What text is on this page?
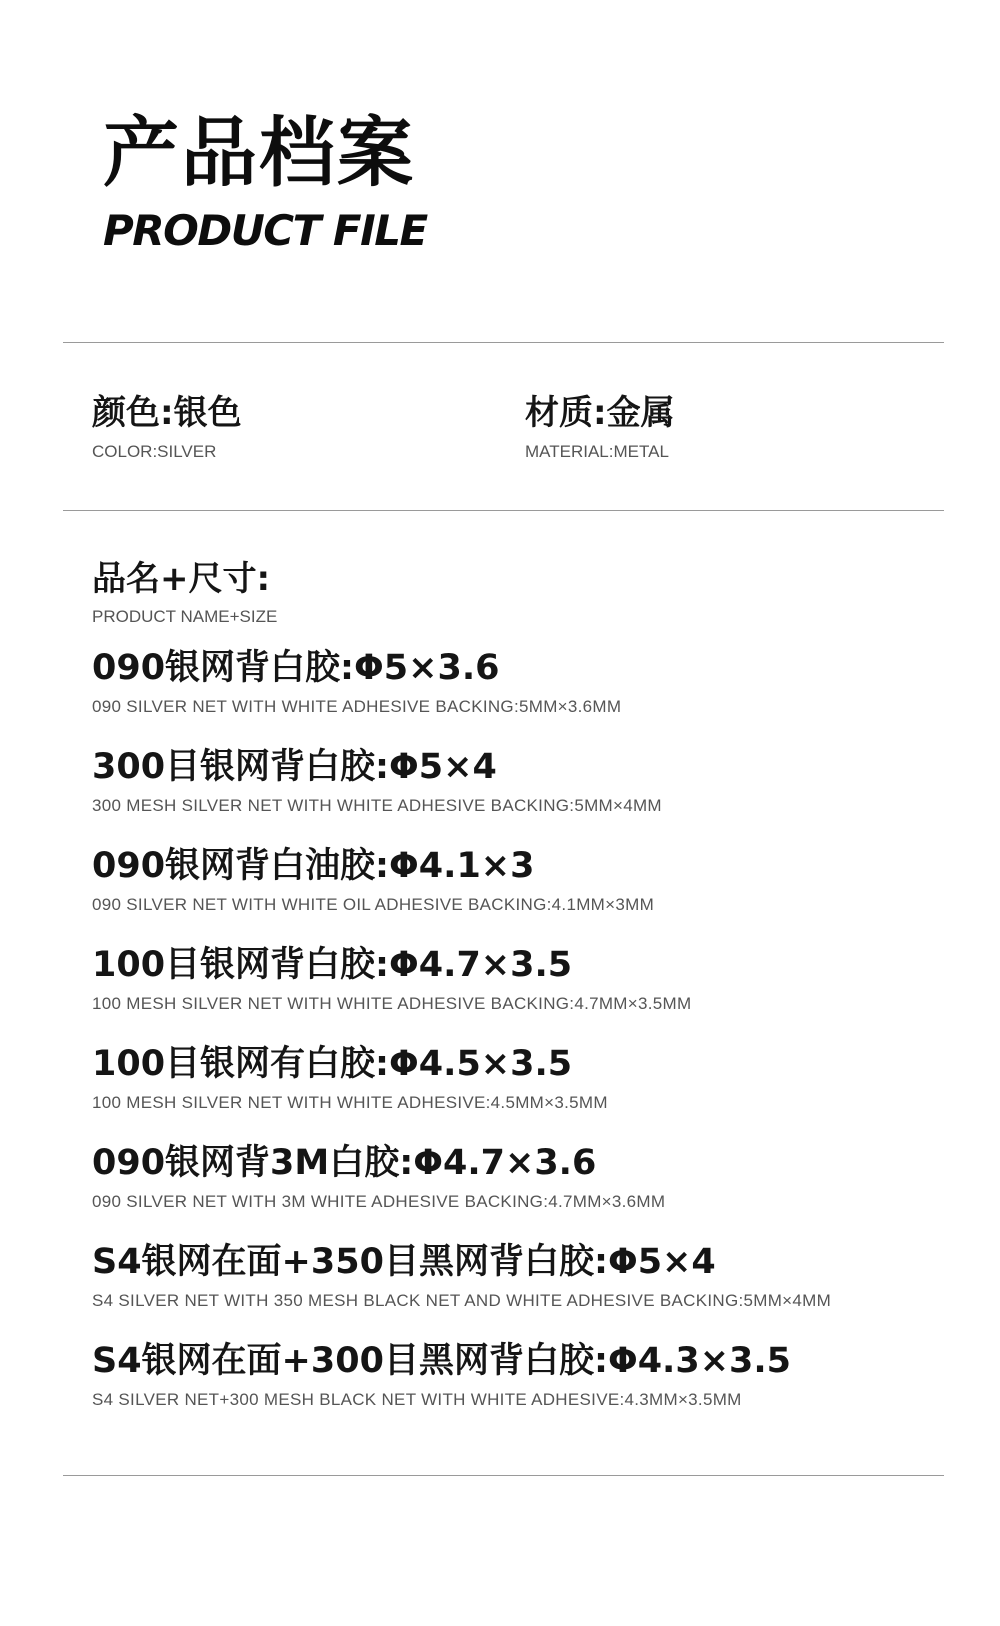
产品档案
PRODUCT FILE
颜色:银色
COLOR:SILVER
材质:金属
MATERIAL:METAL
品名+尺寸:
PRODUCT NAME+SIZE
090银网背白胶:Φ5×3.6
090 SILVER NET WITH WHITE ADHESIVE BACKING:5MM×3.6MM
300目银网背白胶:Φ5×4
300 MESH SILVER NET WITH WHITE ADHESIVE BACKING:5MM×4MM
090银网背白油胶:Φ4.1×3
090 SILVER NET WITH WHITE OIL ADHESIVE BACKING:4.1MM×3MM
100目银网背白胶:Φ4.7×3.5
100 MESH SILVER NET WITH WHITE ADHESIVE BACKING:4.7MM×3.5MM
100目银网有白胶:Φ4.5×3.5
100 MESH SILVER NET WITH WHITE ADHESIVE:4.5MM×3.5MM
090银网背3M白胶:Φ4.7×3.6
090 SILVER NET WITH 3M WHITE ADHESIVE BACKING:4.7MM×3.6MM
S4银网在面+350目黑网背白胶:Φ5×4
S4 SILVER NET WITH 350 MESH BLACK NET AND WHITE ADHESIVE BACKING:5MM×4MM
S4银网在面+300目黑网背白胶:Φ4.3×3.5
S4 SILVER NET+300 MESH BLACK NET WITH WHITE ADHESIVE:4.3MM×3.5MM
